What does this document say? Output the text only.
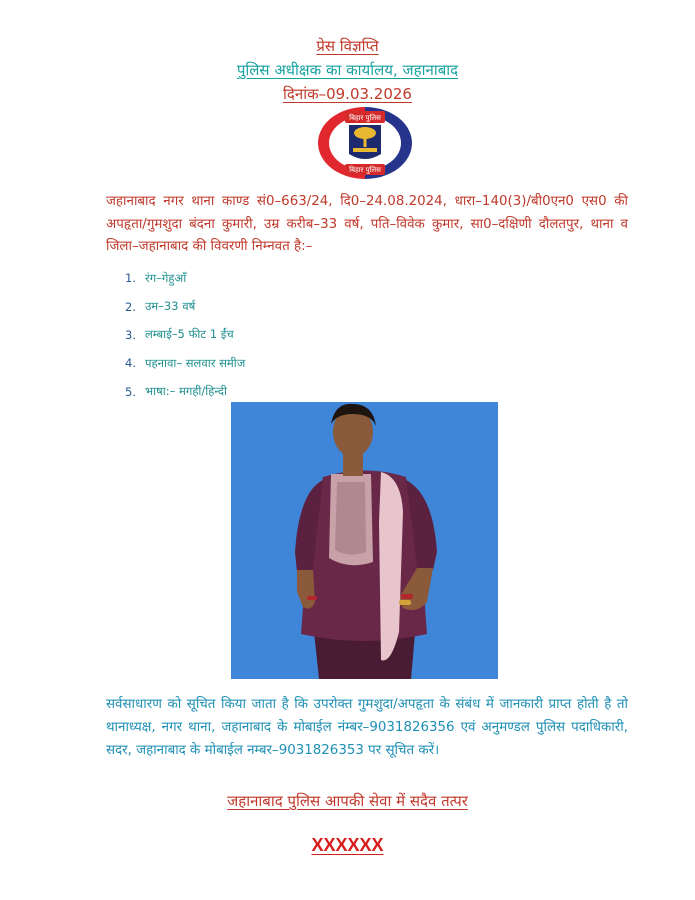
प्रेस विज्ञप्ति
पुलिस अधीक्षक का कार्यालय, जहानाबाद
दिनांक–09.03.2026
बिहार पुलिस
बिहार पुलिस
जहानाबाद नगर थाना काण्ड सं0–663/24, दि0–24.08.2024, धारा–140(3)/बी0एन0 एस0 की अपहृता/गुमशुदा बंदना कुमारी, उम्र करीब–33 वर्ष, पति–विवेक कुमार, सा0–दक्षिणी दौलतपुर, थाना व जिला–जहानाबाद की विवरणी निम्नवत है:–
1. रंग–गेहुआँ
2. उम–33 वर्ष
3. लम्बाई–5 फीट 1 ईंच
4. पहनावा– सलवार समीज
5. भाषा:– मगही/हिन्दी
सर्वसाधारण को सूचित किया जाता है कि उपरोक्त गुमशुदा/अपहृता के संबंध में जानकारी प्राप्त होती है तो थानाध्यक्ष, नगर थाना, जहानाबाद के मोबाईल नंम्बर–9031826356 एवं अनुमण्डल पुलिस पदाधिकारी, सदर, जहानाबाद के मोबाईल नम्बर–9031826353 पर सूचित करें।
जहानाबाद पुलिस आपकी सेवा में सदैव तत्पर
XXXXXX
